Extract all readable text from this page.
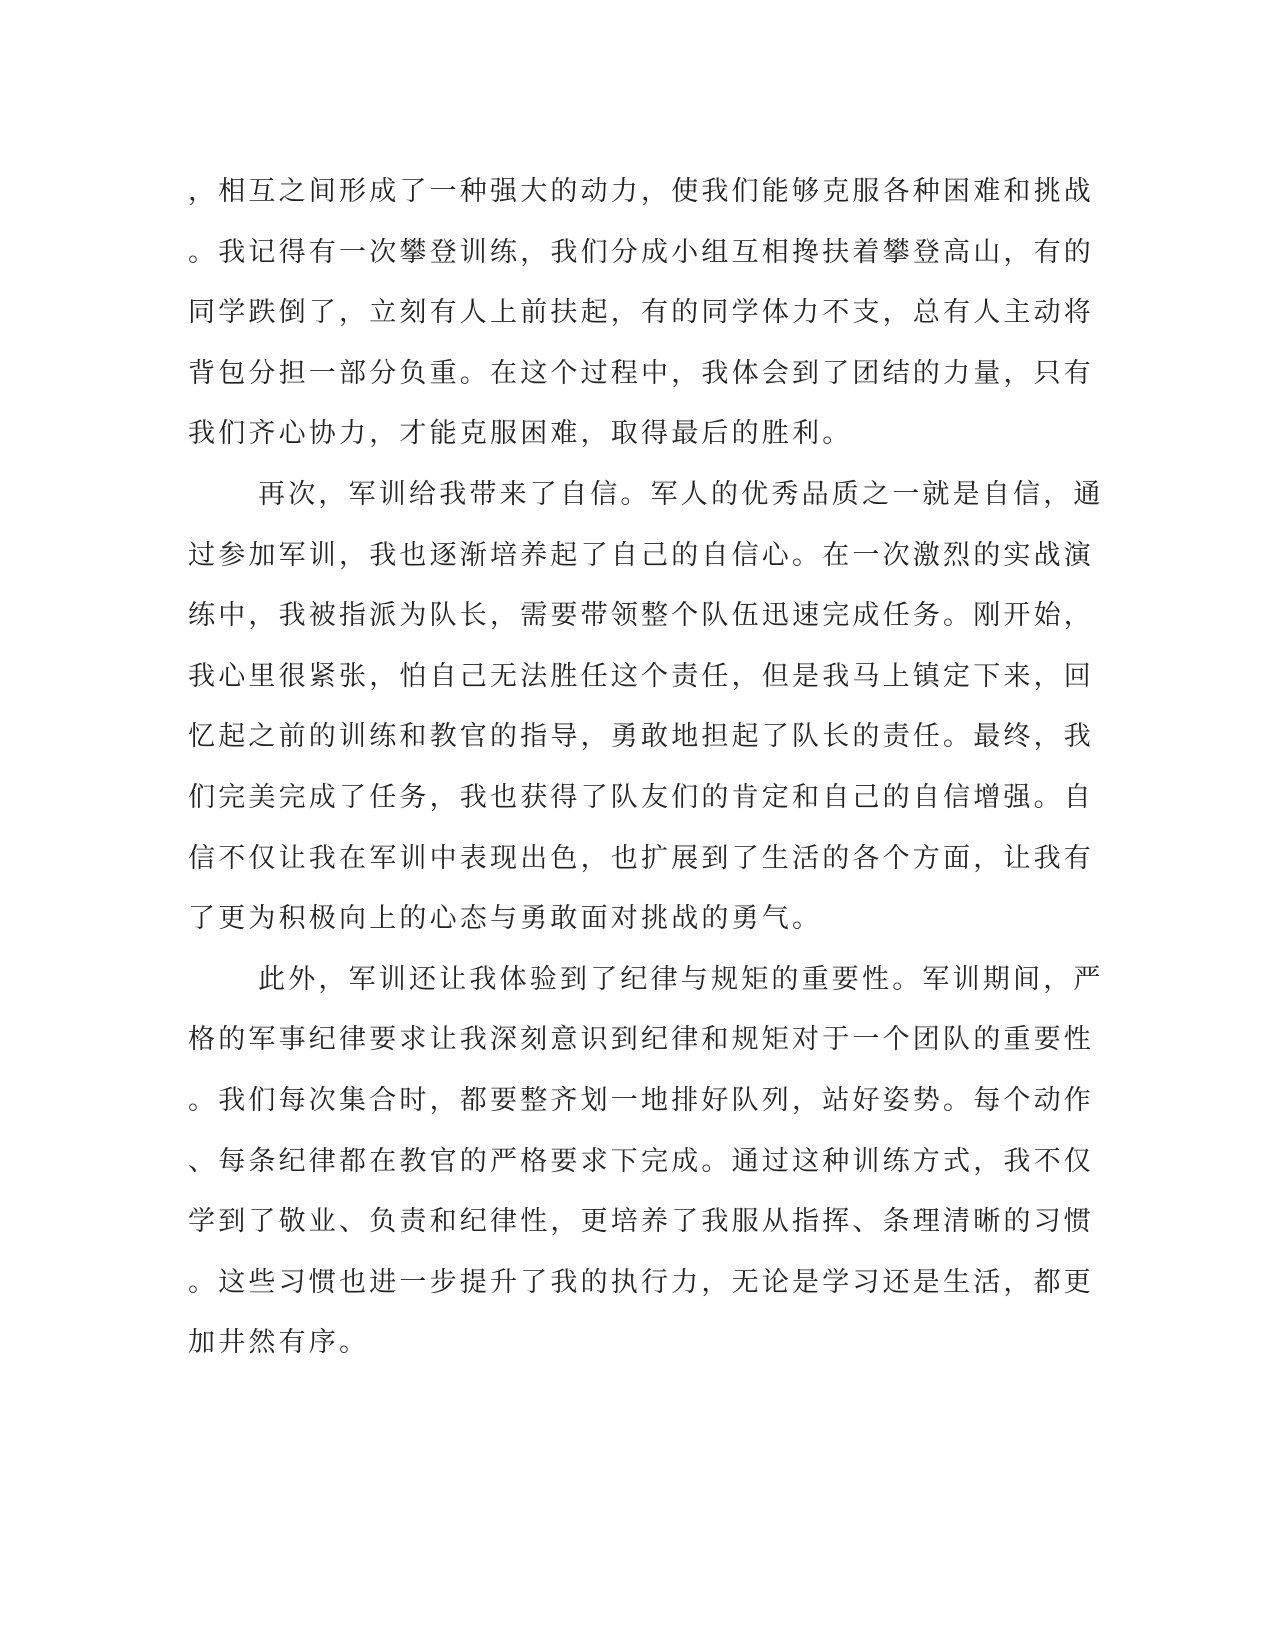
，相互之间形成了一种强大的动力，使我们能够克服各种困难和挑战
。我记得有一次攀登训练，我们分成小组互相搀扶着攀登高山，有的
同学跌倒了，立刻有人上前扶起，有的同学体力不支，总有人主动将
背包分担一部分负重。在这个过程中，我体会到了团结的力量，只有
我们齐心协力，才能克服困难，取得最后的胜利。
再次，军训给我带来了自信。军人的优秀品质之一就是自信，通
过参加军训，我也逐渐培养起了自己的自信心。在一次激烈的实战演
练中，我被指派为队长，需要带领整个队伍迅速完成任务。刚开始，
我心里很紧张，怕自己无法胜任这个责任，但是我马上镇定下来，回
忆起之前的训练和教官的指导，勇敢地担起了队长的责任。最终，我
们完美完成了任务，我也获得了队友们的肯定和自己的自信增强。自
信不仅让我在军训中表现出色，也扩展到了生活的各个方面，让我有
了更为积极向上的心态与勇敢面对挑战的勇气。
此外，军训还让我体验到了纪律与规矩的重要性。军训期间，严
格的军事纪律要求让我深刻意识到纪律和规矩对于一个团队的重要性
。我们每次集合时，都要整齐划一地排好队列，站好姿势。每个动作
、每条纪律都在教官的严格要求下完成。通过这种训练方式，我不仅
学到了敬业、负责和纪律性，更培养了我服从指挥、条理清晰的习惯
。这些习惯也进一步提升了我的执行力，无论是学习还是生活，都更
加井然有序。
